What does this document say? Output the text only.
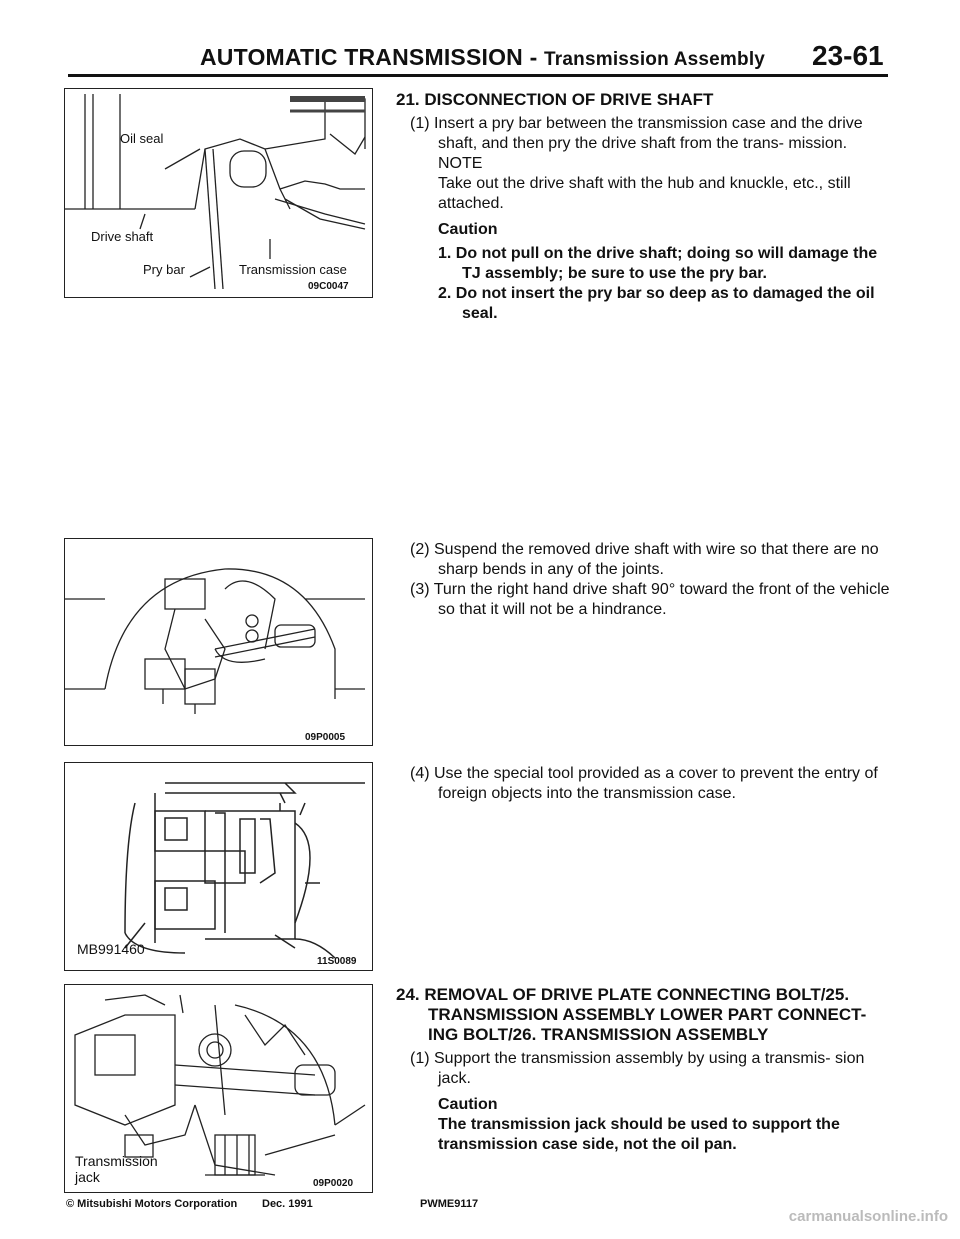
AUTOMATIC TRANSMISSION - Transmission Assembly 23-61
Oil seal
Drive shaft
Pry bar	Transmission case
09C0047
09P0005
MB991460
11S0089
Transmission
jack	09P0020
21. DISCONNECTION OF DRIVE SHAFT
(1) Insert a pry bar between the transmission case and the drive shaft, and then pry the drive shaft from the trans- mission.
NOTE
Take out the drive shaft with the hub and knuckle, etc., still attached.
Caution
1. Do not pull on the drive shaft; doing so will damage the TJ assembly; be sure to use the pry bar.
2. Do not insert the pry bar so deep as to damaged the oil seal.
(2) Suspend the removed drive shaft with wire so that there are no sharp bends in any of the joints.
(3) Turn the right hand drive shaft 90° toward the front of the vehicle so that it will not be a hindrance.
(4) Use the special tool provided as a cover to prevent the entry of foreign objects into the transmission case.
24. REMOVAL OF DRIVE PLATE CONNECTING BOLT/25. TRANSMISSION ASSEMBLY LOWER PART CONNECT- ING BOLT/26. TRANSMISSION ASSEMBLY
(1) Support the transmission assembly by using a transmis- sion jack.
Caution
The transmission jack should be used to support the transmission case side, not the oil pan.
© Mitsubishi Motors Corporation Dec. 1991	PWME9117
carmanualsonline.info
